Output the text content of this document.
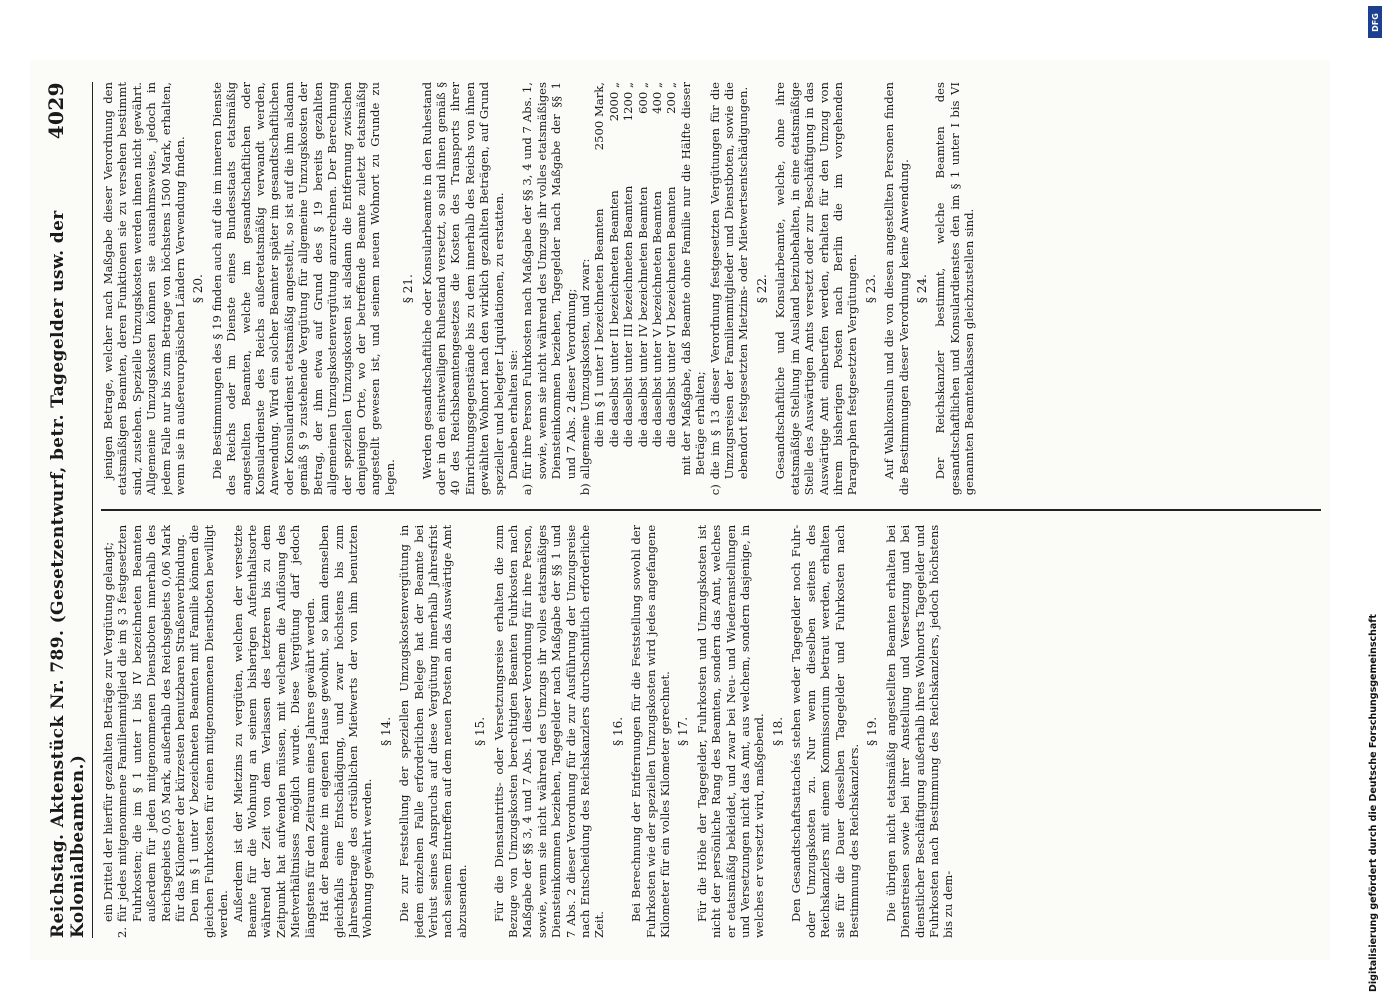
Reichstag. Aktenstück Nr. 789. (Gesetzentwurf, betr. Tagegelder usw. der Kolonialbeamten.)
4029

ein Drittel der hierfür gezahlten Beträge zur Vergütung gelangt;

2.
für jedes mitgenommene Familienmitglied die im § 3 festgesetzten Fuhrkosten; die im § 1 unter I bis IV bezeichneten Beamten außerdem für jeden mitgenommenen Dienstboten innerhalb des Reichsgebiets 0,05 Mark, außerhalb des Reichsgebiets 0,06 Mark für das Kilometer der kürzesten benutzbaren Straßenverbindung. Den im § 1 unter V bezeichneten Beamten mit Familie können die gleichen Fuhrkosten für einen mitgenommenen Dienstboten bewilligt werden. Außerdem ist der Mietzins zu vergüten, welchen der versetzte Beamte für die Wohnung an seinem bisherigen Aufenthaltsorte während der Zeit von dem Verlassen des letzteren bis zu dem Zeitpunkt hat aufwenden müssen, mit welchem die Auflösung des Mietverhältnisses möglich wurde. Diese Vergütung darf jedoch längstens für den Zeitraum eines Jahres gewährt werden. Hat der Beamte im eigenen Hause gewohnt, so kann demselben gleichfalls eine Entschädigung, und zwar höchstens bis zum Jahresbetrage des ortsüblichen Mietwerts der von ihm benutzten Wohnung gewährt werden.

§ 14. Die zur Feststellung der speziellen Umzugskostenvergütung in jedem einzelnen Falle erforderlichen Belege hat der Beamte bei Verlust seines Anspruchs auf diese Vergütung innerhalb Jahresfrist nach seinem Eintreffen auf dem neuen Posten an das Auswärtige Amt abzusenden.

§ 15. Für die Dienstantritts- oder Versetzungsreise erhalten die zum Bezuge von Umzugskosten berechtigten Beamten Fuhrkosten nach Maßgabe der §§ 3, 4 und 7 Abs. 1 dieser Verordnung für ihre Person, sowie, wenn sie nicht während des Umzugs ihr volles etatsmäßiges Diensteinkommen beziehen, Tagegelder nach Maßgabe der §§ 1 und 7 Abs. 2 dieser Verordnung für die zur Ausführung der Umzugsreise nach Entscheidung des Reichskanzlers durchschnittlich erforderliche Zeit.

§ 16. Bei Berechnung der Entfernungen für die Feststellung sowohl der Fuhrkosten wie der speziellen Umzugskosten wird jedes angefangene Kilometer für ein volles Kilometer gerechnet. § 17. Für die Höhe der Tagegelder, Fuhrkosten und Umzugskosten ist nicht der persönliche Rang des Beamten, sondern das Amt, welches er etatsmäßig bekleidet, und zwar bei Neu- und Wiederanstellungen und Versetzungen nicht das Amt, aus welchem, sondern dasjenige, in welches er versetzt wird, maßgebend. § 18. Den Gesandtschaftsattachés stehen weder Tagegelder noch Fuhr- oder Umzugskosten zu. Nur wenn dieselben seitens des Reichskanzlers mit einem Kommissorium betraut werden, erhalten sie für die Dauer desselben Tagegelder und Fuhrkosten nach Bestimmung des Reichskanzlers.

§ 19. Die übrigen nicht etatsmäßig angestellten Beamten erhalten bei Dienstreisen sowie bei ihrer Anstellung und Versetzung und bei dienstlicher Beschäftigung außerhalb ihres Wohnorts Tagegelder und Fuhrkosten nach Bestimmung des Reichskanzlers, jedoch höchstens bis zu dem-

jenigen Betrage, welcher nach Maßgabe dieser Verordnung den etatsmäßigen Beamten, deren Funktionen sie zu versehen bestimmt sind, zustehen. Spezielle Umzugskosten werden ihnen nicht gewährt. Allgemeine Umzugskosten können sie ausnahmsweise, jedoch in jedem Falle nur bis zum Betrage von höchstens 1500 Mark, erhalten, wenn sie in außereuropäischen Ländern Verwendung finden. § 20. Die Bestimmungen des § 19 finden auch auf die im inneren Dienste des Reichs oder im Dienste eines Bundesstaats etatsmäßig angestellten Beamten, welche im gesandtschaftlichen oder Konsulardienste des Reichs außeretatsmäßig verwandt werden, Anwendung. Wird ein solcher Beamter später im gesandtschaftlichen oder Konsulardienst etatsmäßig angestellt, so ist auf die ihm alsdann gemäß § 9 zustehende Vergütung für allgemeine Umzugskosten der Betrag, der ihm etwa auf Grund des § 19 bereits gezahlten allgemeinen Umzugskostenvergütung anzurechnen. Der Berechnung der speziellen Umzugskosten ist alsdann die Entfernung zwischen demjenigen Orte, wo der betreffende Beamte zuletzt etatsmäßig angestellt gewesen ist, und seinem neuen Wohnort zu Grunde zu legen.

§ 21. Werden gesandtschaftliche oder Konsularbeamte in den Ruhestand oder in den einstweiligen Ruhestand versetzt, so sind ihnen gemäß § 40 des Reichsbeamtengesetzes die Kosten des Transports ihrer Einrichtungsgegenstände bis zu dem innerhalb des Reichs von ihnen gewählten Wohnort nach den wirklich gezahlten Beträgen, auf Grund spezieller und belegter Liquidationen, zu erstatten. Daneben erhalten sie:

a)
für ihre Person Fuhrkosten nach Maßgabe der §§ 3, 4 und 7 Abs. 1, sowie, wenn sie nicht während des Umzugs ihr volles etatsmäßiges Diensteinkommen beziehen, Tagegelder nach Maßgabe der §§ 1 und 7 Abs. 2 dieser Verordnung;

b)
allgemeine Umzugskosten, und zwar: die im § 1 unter I bezeichneten Beamten
2500 Mark,

die daselbst unter II bezeichneten Beamten
2000 „

die daselbst unter III bezeichneten Beamten
1200 „

die daselbst unter IV bezeichneten Beamten
600 „

die daselbst unter V bezeichneten Beamten
400 „

die daselbst unter VI bezeichneten Beamten
200 „ mit der Maßgabe, daß Beamte ohne Familie nur die Hälfte dieser Beträge erhalten;

c)
die im § 13 dieser Verordnung festgesetzten Vergütungen für die Umzugsreisen der Familienmitglieder und Dienstboten, sowie die ebendort festgesetzten Mietzins- oder Mietwertsentschädigungen. § 22. Gesandtschaftliche und Konsularbeamte, welche, ohne ihre etatsmäßige Stellung im Ausland beizubehalten, in eine etatsmäßige Stelle des Auswärtigen Amts versetzt oder zur Beschäftigung in das Auswärtige Amt einberufen werden, erhalten für den Umzug von ihrem bisherigen Posten nach Berlin die im vorgehenden Paragraphen festgesetzten Vergütungen. § 23. Auf Wahlkonsuln und die von diesen angestellten Personen finden die Bestimmungen dieser Verordnung keine Anwendung. § 24. Der Reichskanzler bestimmt, welche Beamten des gesandtschaftlichen und Konsulardienstes den im § 1 unter I bis VI genannten Beamtenklassen gleichzustellen sind.

Digitalisierung gefördert durch die Deutsche Forschungsgemeinschaft
DFG
